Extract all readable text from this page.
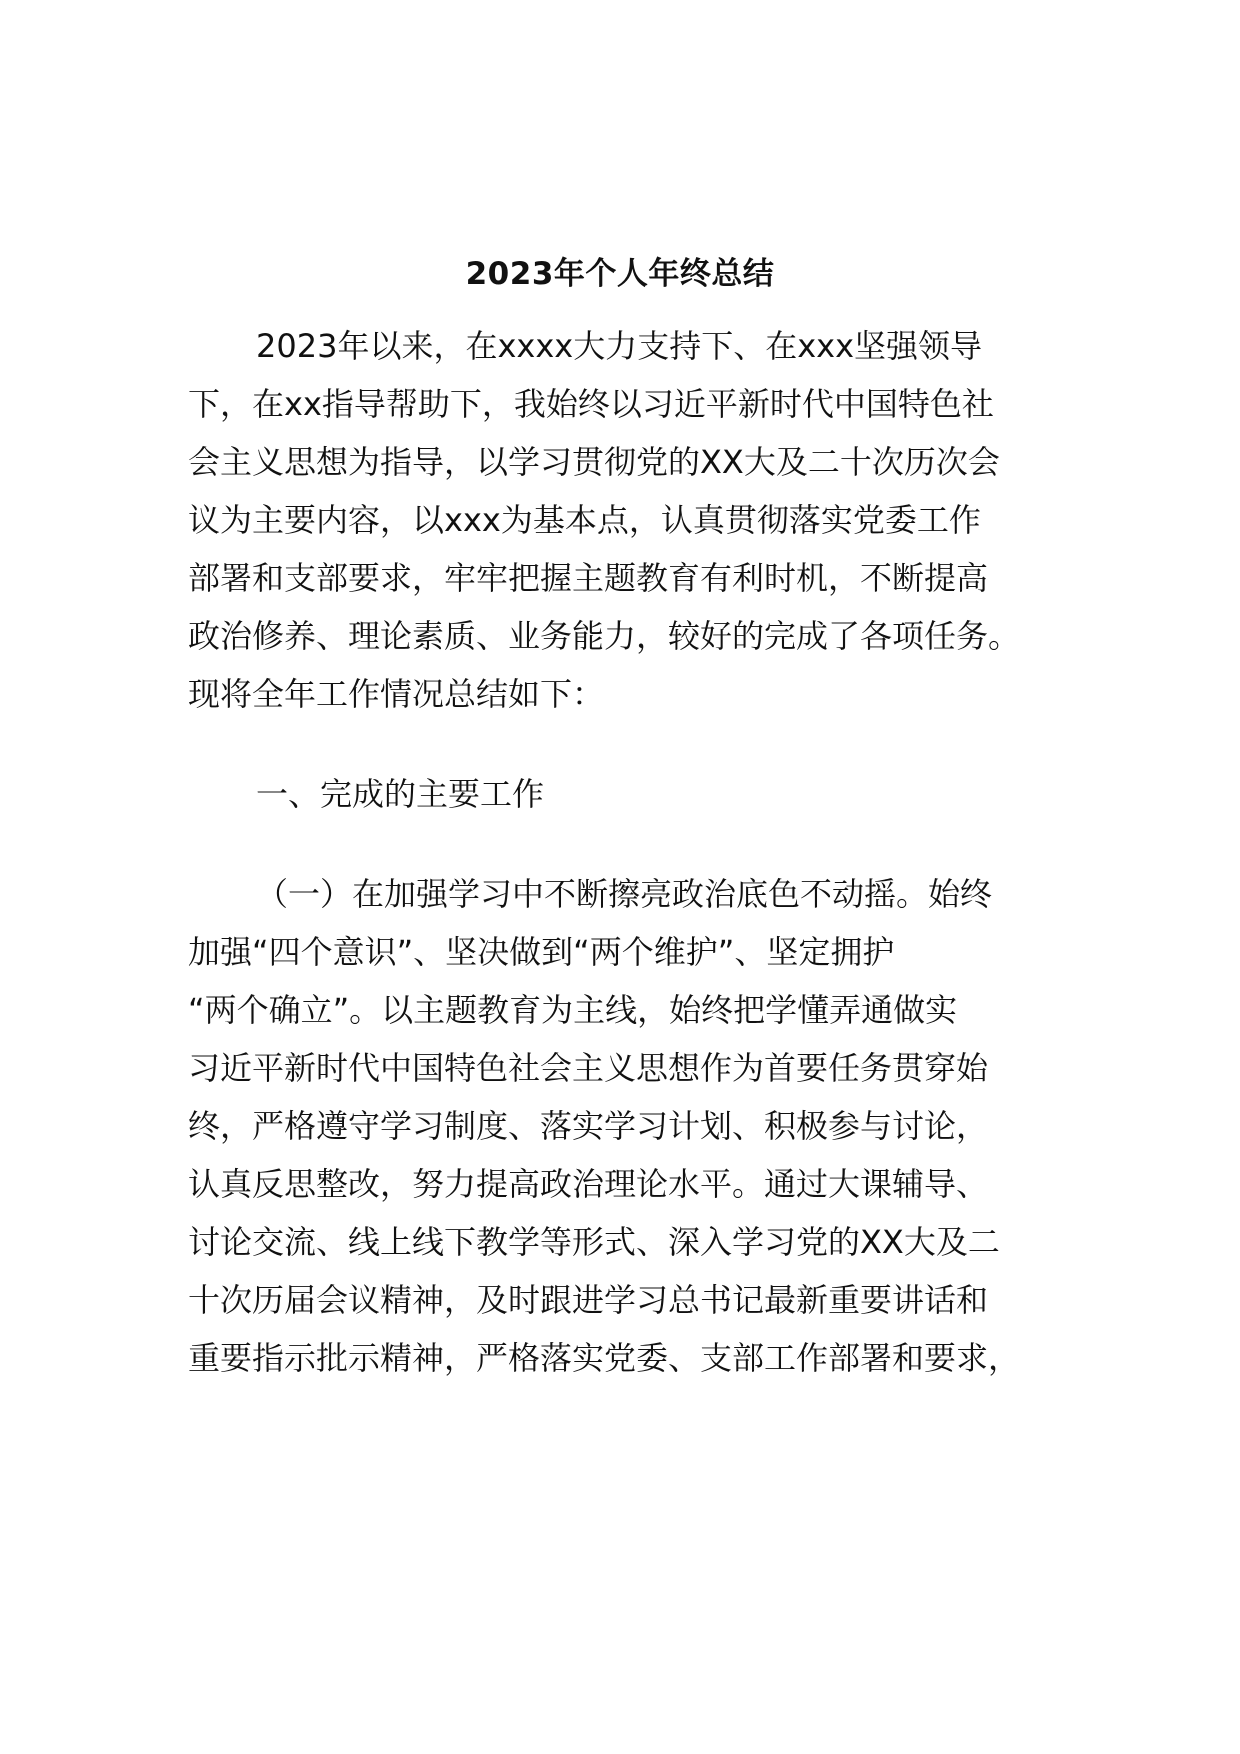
2023年个人年终总结
2023年以来，在xxxx大力支持下、在xxx坚强领导
下，在xx指导帮助下，我始终以习近平新时代中国特色社
会主义思想为指导，以学习贯彻党的XX大及二十次历次会
议为主要内容，以xxx为基本点，认真贯彻落实党委工作
部署和支部要求，牢牢把握主题教育有利时机，不断提高
政治修养、理论素质、业务能力，较好的完成了各项任务。
现将全年工作情况总结如下：
一、完成的主要工作
（一）在加强学习中不断擦亮政治底色不动摇。始终
加强“四个意识”、坚决做到“两个维护”、坚定拥护
“两个确立”。以主题教育为主线，始终把学懂弄通做实
习近平新时代中国特色社会主义思想作为首要任务贯穿始
终，严格遵守学习制度、落实学习计划、积极参与讨论，
认真反思整改，努力提高政治理论水平。通过大课辅导、
讨论交流、线上线下教学等形式、深入学习党的XX大及二
十次历届会议精神，及时跟进学习总书记最新重要讲话和
重要指示批示精神，严格落实党委、支部工作部署和要求，
